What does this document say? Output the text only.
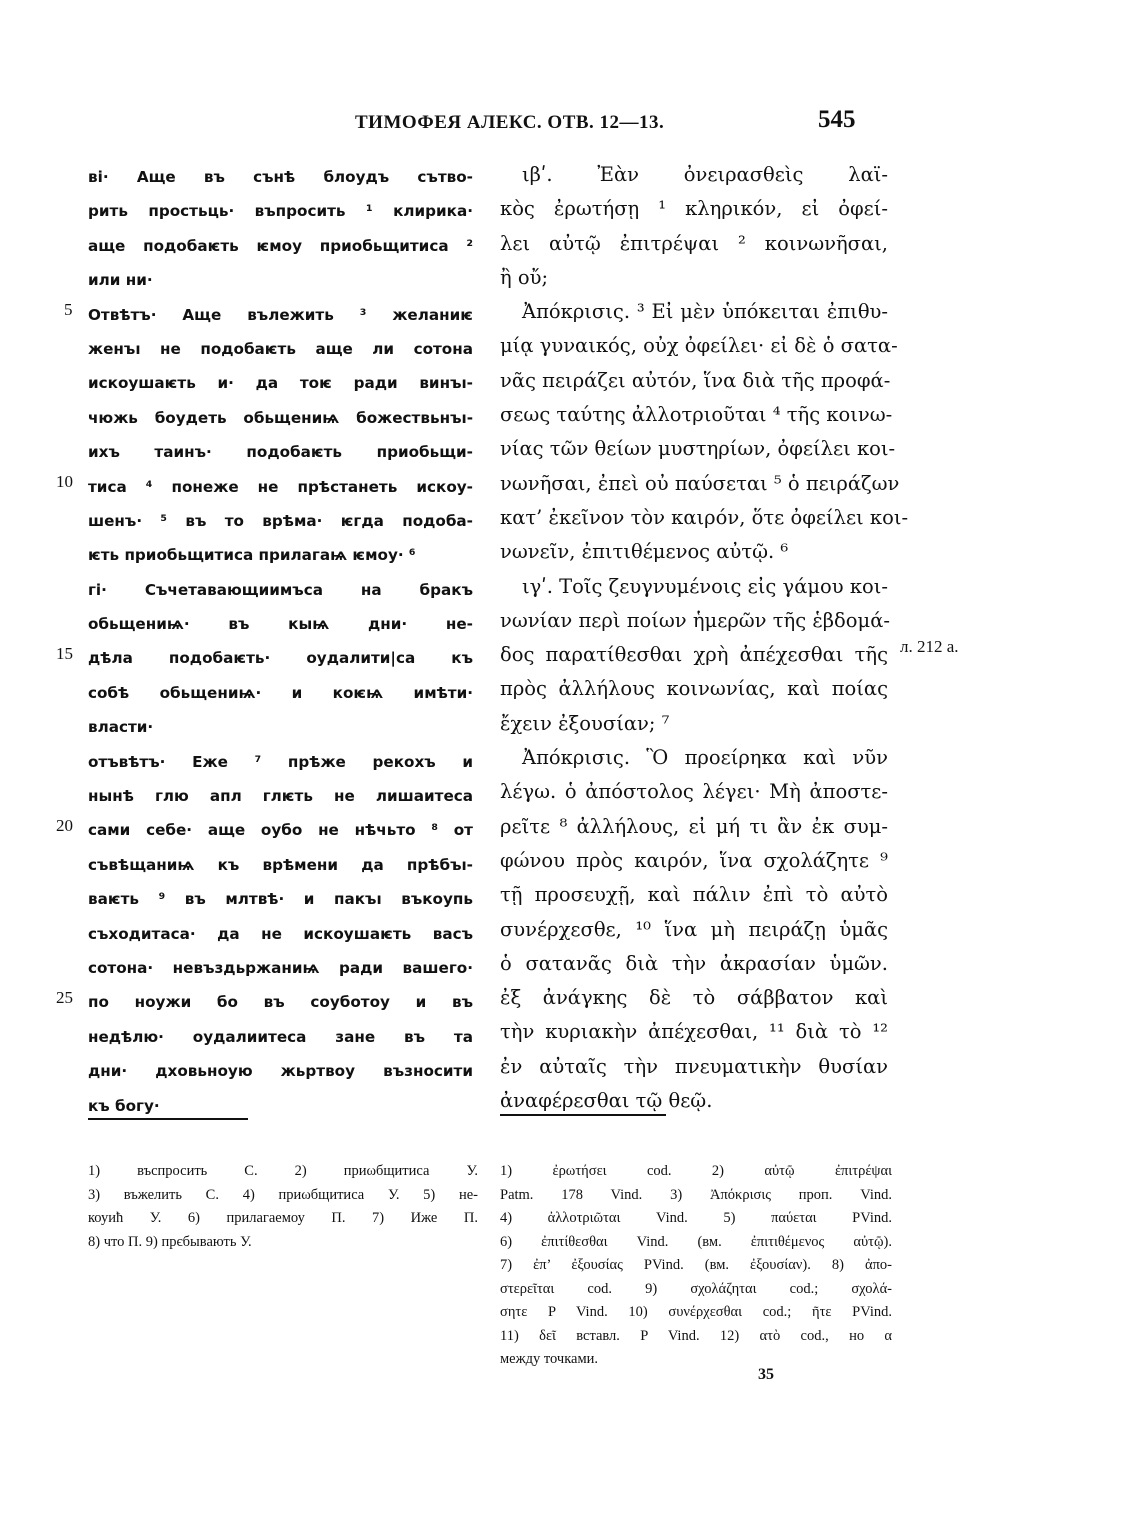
ТИМОФЕЯ АЛЕКС. ОТВ. 12—13.	545
ві· Аще въ сънѣ блоудъ сътво-
рить простьць· въпросить ¹ клирика·
аще подобаѥть ѥмоу приобьщитиса ²
или ни·
Отвѣтъ· Аще вълежить ³ желаниѥ
женъı не подобаѥть аще ли сотона
искоушаѥть и· да тоѥ ради винъı-
чюжь боудеть обьщениѩ божествьнъı-
ихъ таинъ· подобаѥть приобьщи-
тиса ⁴ понеже не прѣстанеть искоу-
шенъ· ⁵ въ то врѣма· ѥгда подоба-
ѥть приобьщитиса прилагаѩ ѥмоу· ⁶
гі· Съчетавающиимъса на бракъ
обьщениѩ· въ кыѩ дни· не-
дѣла подобаѥть· оудалити|са къ
собѣ обьщениѩ· и коѥѩ имѣти·
власти·
отъвѣтъ· Еже ⁷ прѣже рекохъ и
нынѣ глю апл глѥть не лишаитеса
сами себе· аще оубо не нѣчьто ⁸ от
съвѣщаниѩ къ врѣмени да прѣбъı-
ваѥть ⁹ въ млтвѣ· и пакъı въкоупь
съходитаса· да не искоушаѥть васъ
сотона· невъздьржаниѩ ради вашего·
по ноужи бо въ соуботоу и въ
недѣлю· оудалиитеса зане въ та
дни· дховьноую жьртвоу възносити
къ богу·
5
10
15
20
25
ιβʹ. Ἐὰν ὀνειρασθεὶς λαϊ-
κὸς ἐρωτήσῃ ¹ κληρικόν, εἰ ὀφεί-
λει αὐτῷ ἐπιτρέψαι ² κοινωνῆσαι,
ἢ οὔ;
Ἀπόκρισις. ³ Εἰ μὲν ὑπόκειται ἐπιθυ-
μίᾳ γυναικός, οὐχ ὀφείλει· εἰ δὲ ὁ σατα-
νᾶς πειράζει αὐτόν, ἵνα διὰ τῆς προφά-
σεως ταύτης ἀλλοτριοῦται ⁴ τῆς κοινω-
νίας τῶν θείων μυστηρίων, ὀφείλει κοι-
νωνῆσαι, ἐπεὶ οὐ παύσεται ⁵ ὁ πειράζων
κατ’ ἐκεῖνον τὸν καιρόν, ὅτε ὀφείλει κοι-
νωνεῖν, ἐπιτιθέμενος αὐτῷ. ⁶
ιγʹ. Τοῖς ζευγνυμένοις εἰς γάμου κοι-
νωνίαν περὶ ποίων ἡμερῶν τῆς ἑβδομά-
δος παρατίθεσθαι χρὴ ἀπέχεσθαι τῆς
πρὸς ἀλλήλους κοινωνίας, καὶ ποίας
ἔχειν ἐξουσίαν; ⁷
Ἀπόκρισις. Ὃ προείρηκα καὶ νῦν
λέγω. ὁ ἀπόστολος λέγει· Μὴ ἀποστε-
ρεῖτε ⁸ ἀλλήλους, εἰ μή τι ἂν ἐκ συμ-
φώνου πρὸς καιρόν, ἵνα σχολάζητε ⁹
τῇ προσευχῇ, καὶ πάλιν ἐπὶ τὸ αὐτὸ
συνέρχεσθε, ¹⁰ ἵνα μὴ πειράζῃ ὑμᾶς
ὁ σατανᾶς διὰ τὴν ἀκρασίαν ὑμῶν.
ἐξ ἀνάγκης δὲ τὸ σάββατον καὶ
τὴν κυριακὴν ἀπέχεσθαι, ¹¹ διὰ τὸ ¹²
ἐν αὐταῖς τὴν πνευματικὴν θυσίαν
ἀναφέρεσθαι τῷ θεῷ.
л. 212 а.
1) въспросить С. 2) приωбщитиса У.
3) въжелить С. 4) приωбщитиса У. 5) не-
коуић У. 6) прилагаемоу П. 7) Иже П.
8) что П. 9) прєбывають У.
1) ἐρωτήσει cod. 2) αὐτῷ ἐπιτρέψαι
Patm. 178 Vind. 3) Ἀπόκρισις проп. Vind.
4) ἀλλοτριῶται Vind. 5) παύεται PVind.
6) ἐπιτίθεσθαι Vind. (вм. ἐπιτιθέμενος αὐτῷ).
7) ἐπ’ ἐξουσίας PVind. (вм. ἐξουσίαν). 8) ἀπο-
στερεῖται cod. 9) σχολάζηται cod.; σχολά-
σητε P Vind. 10) συνέρχεσθαι cod.; ῆτε PVind.
11) δεῖ вставл. P Vind. 12) ατὸ cod., но α
между точками.
35
